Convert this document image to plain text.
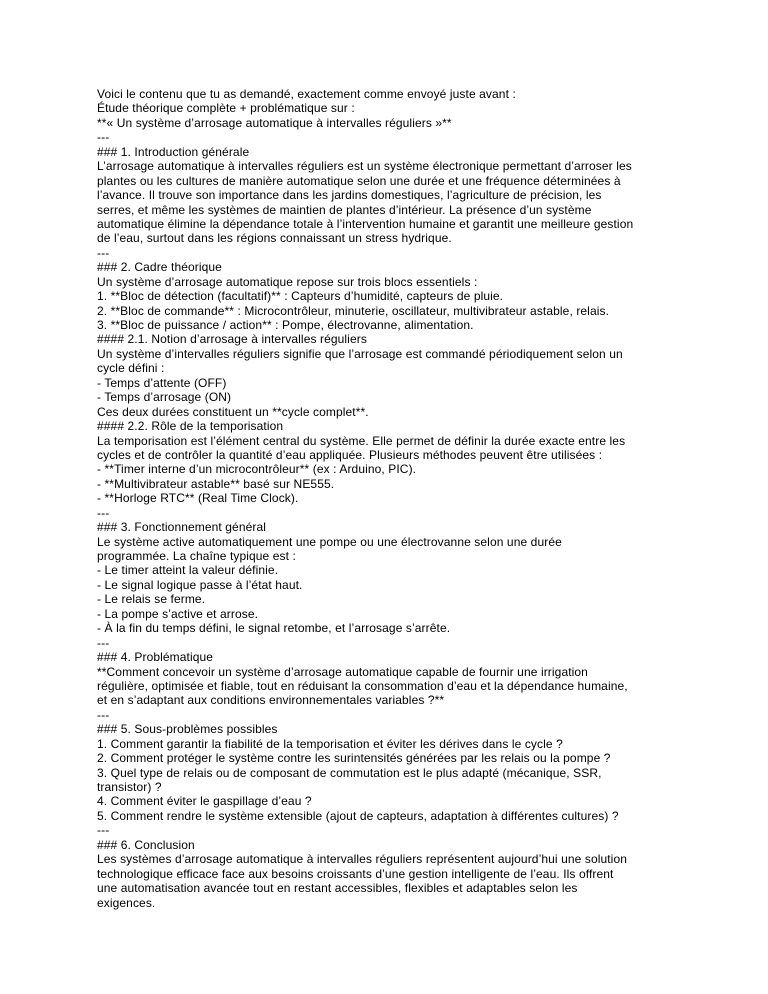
Voici le contenu que tu as demandé, exactement comme envoyé juste avant :
Étude théorique complète + problématique sur :
**« Un système d’arrosage automatique à intervalles réguliers »**
---
### 1. Introduction générale
L’arrosage automatique à intervalles réguliers est un système électronique permettant d’arroser les
plantes ou les cultures de manière automatique selon une durée et une fréquence déterminées à
l’avance. Il trouve son importance dans les jardins domestiques, l’agriculture de précision, les
serres, et même les systèmes de maintien de plantes d’intérieur. La présence d’un système
automatique élimine la dépendance totale à l’intervention humaine et garantit une meilleure gestion
de l’eau, surtout dans les régions connaissant un stress hydrique.
---
### 2. Cadre théorique
Un système d’arrosage automatique repose sur trois blocs essentiels :
1. **Bloc de détection (facultatif)** : Capteurs d’humidité, capteurs de pluie.
2. **Bloc de commande** : Microcontrôleur, minuterie, oscillateur, multivibrateur astable, relais.
3. **Bloc de puissance / action** : Pompe, électrovanne, alimentation.
#### 2.1. Notion d’arrosage à intervalles réguliers
Un système d’intervalles réguliers signifie que l’arrosage est commandé périodiquement selon un
cycle défini :
- Temps d’attente (OFF)
- Temps d’arrosage (ON)
Ces deux durées constituent un **cycle complet**.
#### 2.2. Rôle de la temporisation
La temporisation est l’élément central du système. Elle permet de définir la durée exacte entre les
cycles et de contrôler la quantité d’eau appliquée. Plusieurs méthodes peuvent être utilisées :
- **Timer interne d’un microcontrôleur** (ex : Arduino, PIC).
- **Multivibrateur astable** basé sur NE555.
- **Horloge RTC** (Real Time Clock).
---
### 3. Fonctionnement général
Le système active automatiquement une pompe ou une électrovanne selon une durée
programmée. La chaîne typique est :
- Le timer atteint la valeur définie.
- Le signal logique passe à l’état haut.
- Le relais se ferme.
- La pompe s’active et arrose.
- À la fin du temps défini, le signal retombe, et l’arrosage s’arrête.
---
### 4. Problématique
**Comment concevoir un système d’arrosage automatique capable de fournir une irrigation
régulière, optimisée et fiable, tout en réduisant la consommation d’eau et la dépendance humaine,
et en s’adaptant aux conditions environnementales variables ?**
---
### 5. Sous-problèmes possibles
1. Comment garantir la fiabilité de la temporisation et éviter les dérives dans le cycle ?
2. Comment protéger le système contre les surintensités générées par les relais ou la pompe ?
3. Quel type de relais ou de composant de commutation est le plus adapté (mécanique, SSR,
transistor) ?
4. Comment éviter le gaspillage d’eau ?
5. Comment rendre le système extensible (ajout de capteurs, adaptation à différentes cultures) ?
---
### 6. Conclusion
Les systèmes d’arrosage automatique à intervalles réguliers représentent aujourd’hui une solution
technologique efficace face aux besoins croissants d’une gestion intelligente de l’eau. Ils offrent
une automatisation avancée tout en restant accessibles, flexibles et adaptables selon les
exigences.
